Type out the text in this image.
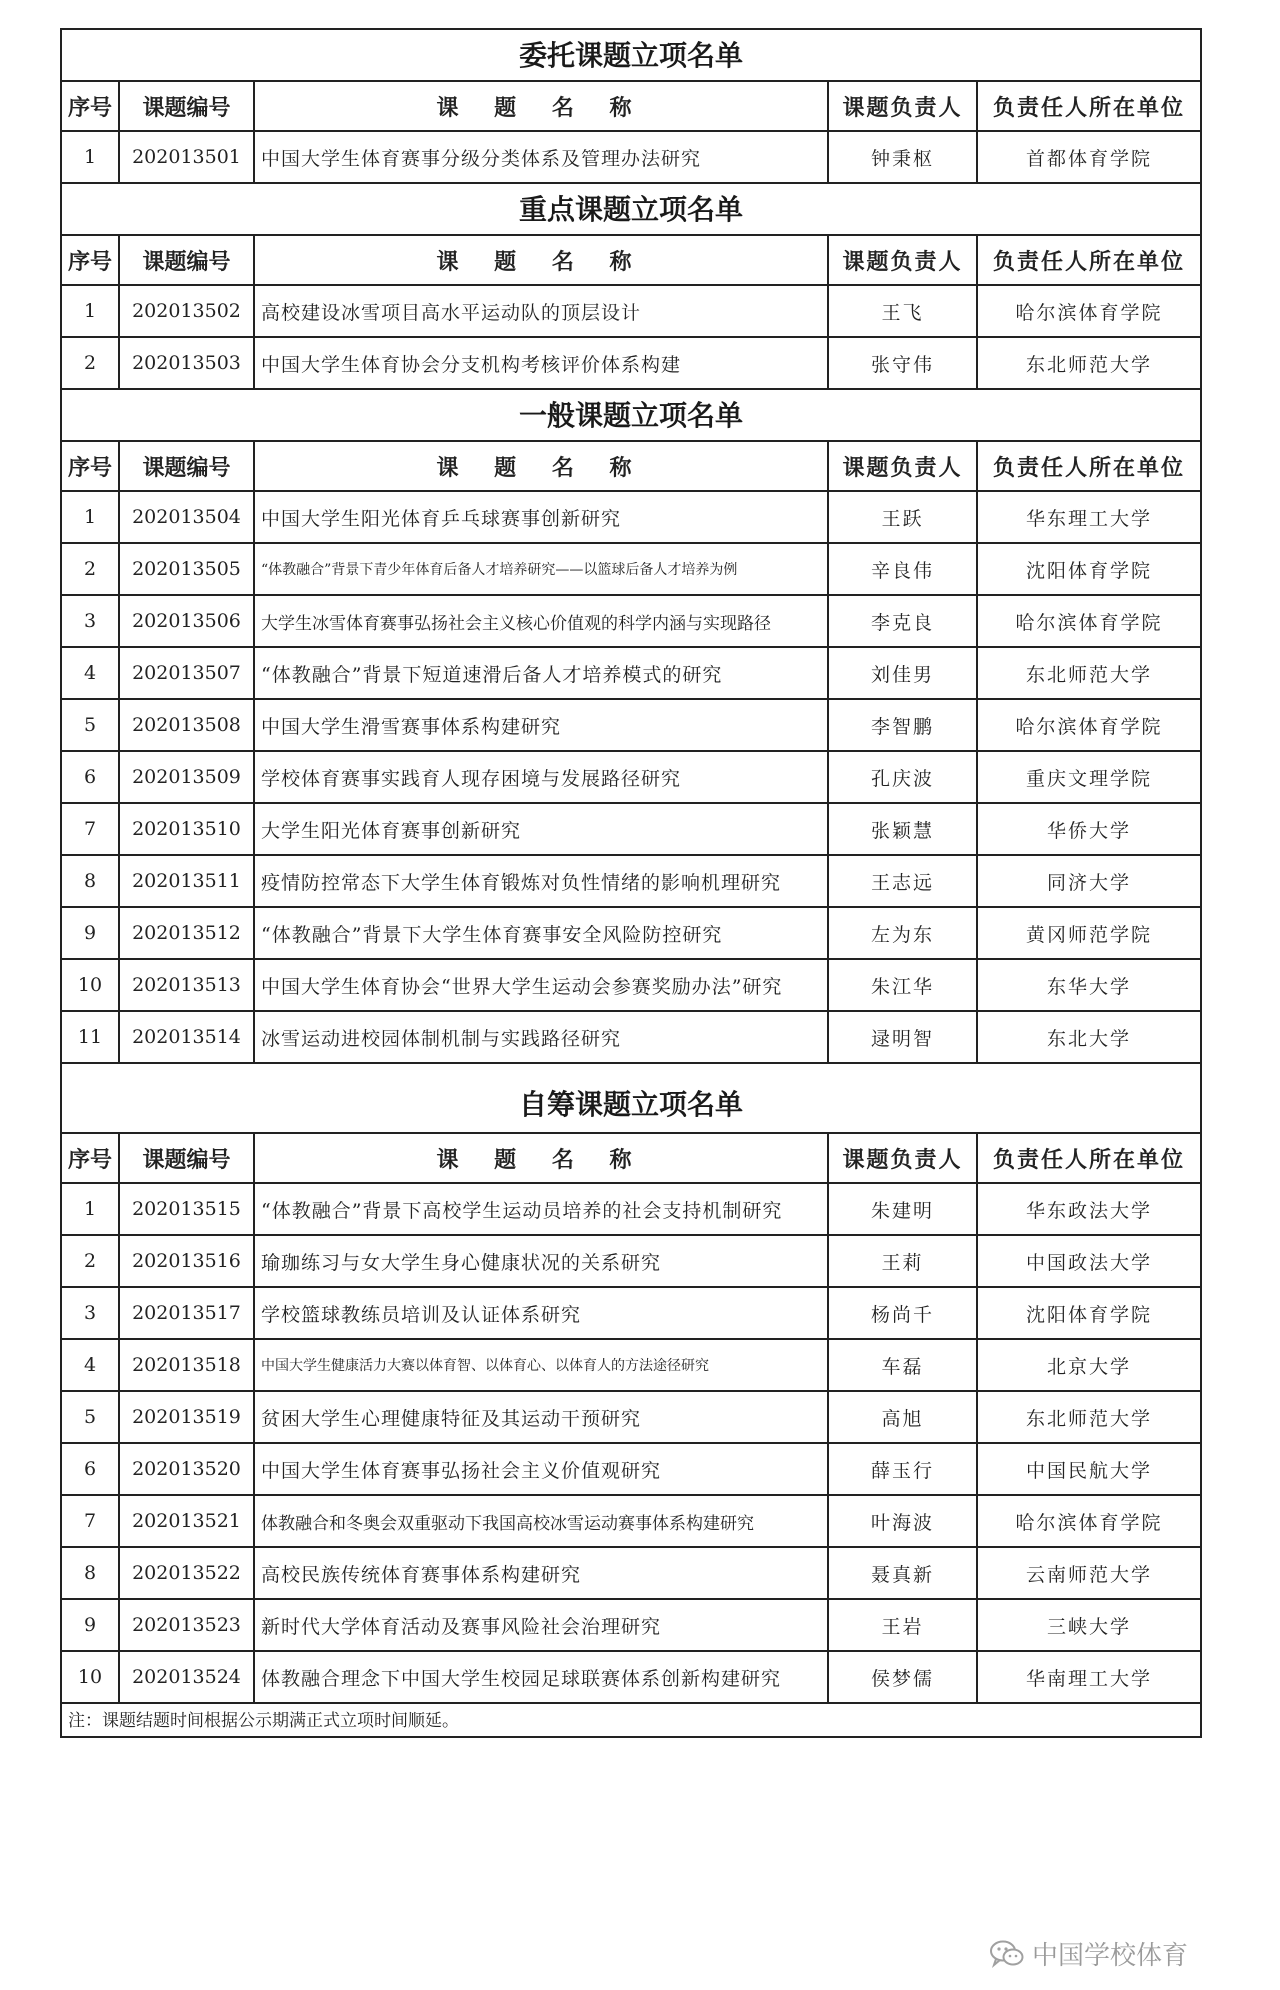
委托课题立项名单
序号	课题编号	课 题 名 称	课题负责人	负责任人所在单位
1	202013501	中国大学生体育赛事分级分类体系及管理办法研究	钟秉枢	首都体育学院
重点课题立项名单
序号	课题编号	课 题 名 称	课题负责人	负责任人所在单位
1	202013502	高校建设冰雪项目高水平运动队的顶层设计	王飞	哈尔滨体育学院
2	202013503	中国大学生体育协会分支机构考核评价体系构建	张守伟	东北师范大学
一般课题立项名单
序号	课题编号	课 题 名 称	课题负责人	负责任人所在单位
1	202013504	中国大学生阳光体育乒乓球赛事创新研究	王跃	华东理工大学
2	202013505	“体教融合”背景下青少年体育后备人才培养研究——以篮球后备人才培养为例	辛良伟	沈阳体育学院
3	202013506	大学生冰雪体育赛事弘扬社会主义核心价值观的科学内涵与实现路径	李克良	哈尔滨体育学院
4	202013507	“体教融合”背景下短道速滑后备人才培养模式的研究	刘佳男	东北师范大学
5	202013508	中国大学生滑雪赛事体系构建研究	李智鹏	哈尔滨体育学院
6	202013509	学校体育赛事实践育人现存困境与发展路径研究	孔庆波	重庆文理学院
7	202013510	大学生阳光体育赛事创新研究	张颖慧	华侨大学
8	202013511	疫情防控常态下大学生体育锻炼对负性情绪的影响机理研究	王志远	同济大学
9	202013512	“体教融合”背景下大学生体育赛事安全风险防控研究	左为东	黄冈师范学院
10	202013513	中国大学生体育协会“世界大学生运动会参赛奖励办法”研究	朱江华	东华大学
11	202013514	冰雪运动进校园体制机制与实践路径研究	逯明智	东北大学
自筹课题立项名单
序号	课题编号	课 题 名 称	课题负责人	负责任人所在单位
1	202013515	“体教融合”背景下高校学生运动员培养的社会支持机制研究	朱建明	华东政法大学
2	202013516	瑜珈练习与女大学生身心健康状况的关系研究	王莉	中国政法大学
3	202013517	学校篮球教练员培训及认证体系研究	杨尚千	沈阳体育学院
4	202013518	中国大学生健康活力大赛以体育智、以体育心、以体育人的方法途径研究	车磊	北京大学
5	202013519	贫困大学生心理健康特征及其运动干预研究	高旭	东北师范大学
6	202013520	中国大学生体育赛事弘扬社会主义价值观研究	薛玉行	中国民航大学
7	202013521	体教融合和冬奥会双重驱动下我国高校冰雪运动赛事体系构建研究	叶海波	哈尔滨体育学院
8	202013522	高校民族传统体育赛事体系构建研究	聂真新	云南师范大学
9	202013523	新时代大学体育活动及赛事风险社会治理研究	王岩	三峡大学
10	202013524	体教融合理念下中国大学生校园足球联赛体系创新构建研究	侯梦儒	华南理工大学
注：课题结题时间根据公示期满正式立项时间顺延。
中国学校体育
